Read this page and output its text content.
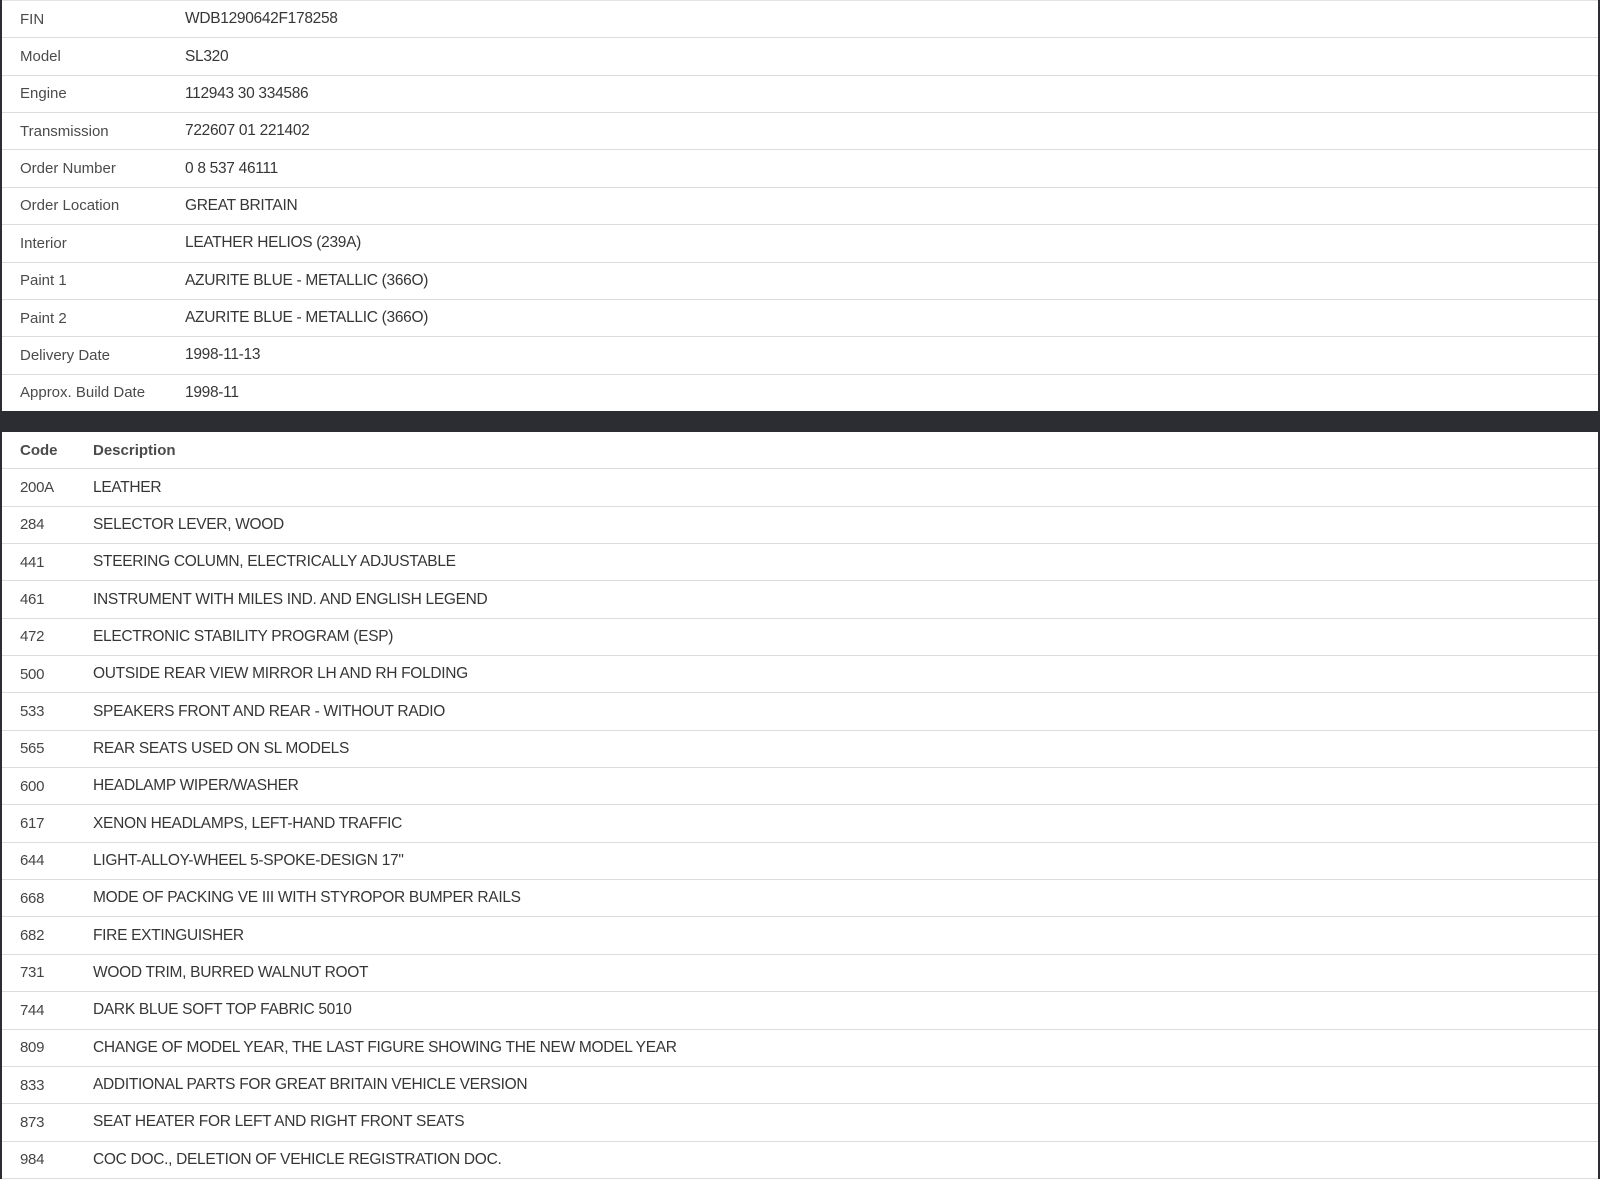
FIN	WDB1290642F178258
Model	SL320
Engine	112943 30 334586
Transmission	722607 01 221402
Order Number	0 8 537 46111
Order Location	GREAT BRITAIN
Interior	LEATHER HELIOS (239A)
Paint 1	AZURITE BLUE - METALLIC (366O)
Paint 2	AZURITE BLUE - METALLIC (366O)
Delivery Date	1998-11-13
Approx. Build Date	1998-11
Code	Description
200A	LEATHER
284	SELECTOR LEVER, WOOD
441	STEERING COLUMN, ELECTRICALLY ADJUSTABLE
461	INSTRUMENT WITH MILES IND. AND ENGLISH LEGEND
472	ELECTRONIC STABILITY PROGRAM (ESP)
500	OUTSIDE REAR VIEW MIRROR LH AND RH FOLDING
533	SPEAKERS FRONT AND REAR - WITHOUT RADIO
565	REAR SEATS USED ON SL MODELS
600	HEADLAMP WIPER/WASHER
617	XENON HEADLAMPS, LEFT-HAND TRAFFIC
644	LIGHT-ALLOY-WHEEL 5-SPOKE-DESIGN 17"
668	MODE OF PACKING VE III WITH STYROPOR BUMPER RAILS
682	FIRE EXTINGUISHER
731	WOOD TRIM, BURRED WALNUT ROOT
744	DARK BLUE SOFT TOP FABRIC 5010
809	CHANGE OF MODEL YEAR, THE LAST FIGURE SHOWING THE NEW MODEL YEAR
833	ADDITIONAL PARTS FOR GREAT BRITAIN VEHICLE VERSION
873	SEAT HEATER FOR LEFT AND RIGHT FRONT SEATS
984	COC DOC., DELETION OF VEHICLE REGISTRATION DOC.
